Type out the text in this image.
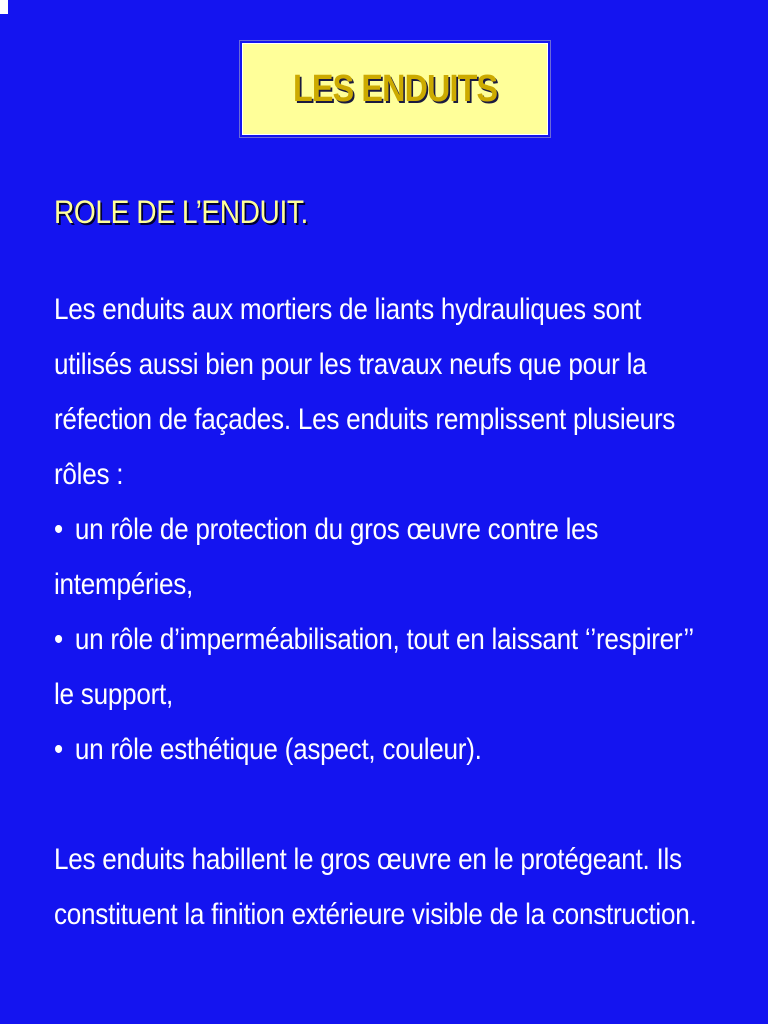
LES ENDUITS
ROLE DE L’ENDUIT.
Les enduits aux mortiers de liants hydrauliques sont
utilisés aussi bien pour les travaux neufs que pour la
réfection de façades. Les enduits remplissent plusieurs
rôles :
• un rôle de protection du gros œuvre contre les
intempéries,
• un rôle d’imperméabilisation, tout en laissant ‘’respirer’’
le support,
• un rôle esthétique (aspect, couleur).
Les enduits habillent le gros œuvre en le protégeant. Ils
constituent la finition extérieure visible de la construction.
